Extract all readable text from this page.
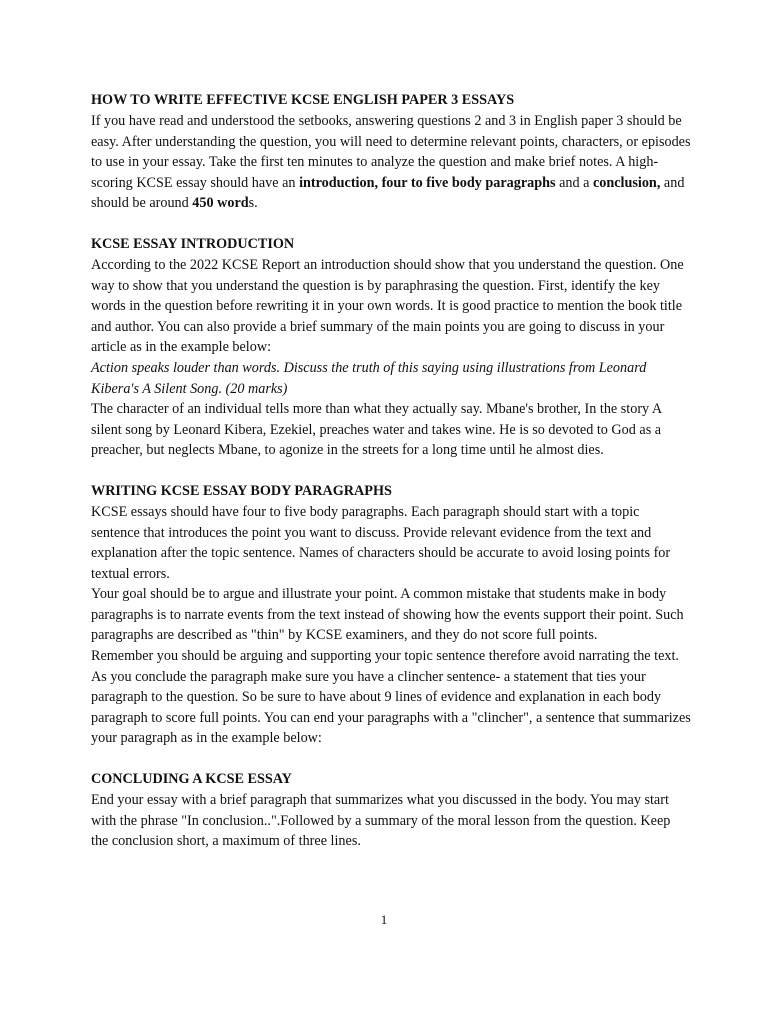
HOW TO WRITE EFFECTIVE KCSE ENGLISH PAPER 3 ESSAYS

If you have read and understood the setbooks, answering questions 2 and 3 in English paper 3 should be easy. After understanding the question, you will need to determine relevant points, characters, or episodes to use in your essay. Take the first ten minutes to analyze the question and make brief notes. A high-scoring KCSE essay should have an introduction, four to five body paragraphs and a conclusion, and should be around 450 words.

KCSE ESSAY INTRODUCTION

According to the 2022 KCSE Report an introduction should show that you understand the question. One way to show that you understand the question is by paraphrasing the question. First, identify the key words in the question before rewriting it in your own words. It is good practice to mention the book title and author. You can also provide a brief summary of the main points you are going to discuss in your article as in the example below:

Action speaks louder than words. Discuss the truth of this saying using illustrations from Leonard Kibera's A Silent Song. (20 marks)

The character of an individual tells more than what they actually say. Mbane's brother, In the story A silent song by Leonard Kibera, Ezekiel, preaches water and takes wine. He is so devoted to God as a preacher, but neglects Mbane, to agonize in the streets for a long time until he almost dies.

WRITING KCSE ESSAY BODY PARAGRAPHS

KCSE essays should have four to five body paragraphs. Each paragraph should start with a topic sentence that introduces the point you want to discuss. Provide relevant evidence from the text and explanation after the topic sentence. Names of characters should be accurate to avoid losing points for textual errors.

Your goal should be to argue and illustrate your point. A common mistake that students make in body paragraphs is to narrate events from the text instead of showing how the events support their point. Such paragraphs are described as "thin" by KCSE examiners, and they do not score full points.

Remember you should be arguing and supporting your topic sentence therefore avoid narrating the text. As you conclude the paragraph make sure you have a clincher sentence- a statement that ties your paragraph to the question. So be sure to have about 9 lines of evidence and explanation in each body paragraph to score full points. You can end your paragraphs with a "clincher", a sentence that summarizes your paragraph as in the example below:

CONCLUDING A KCSE ESSAY

End your essay with a brief paragraph that summarizes what you discussed in the body. You may start with the phrase "In conclusion..".Followed by a summary of the moral lesson from the question. Keep the conclusion short, a maximum of three lines.

1
